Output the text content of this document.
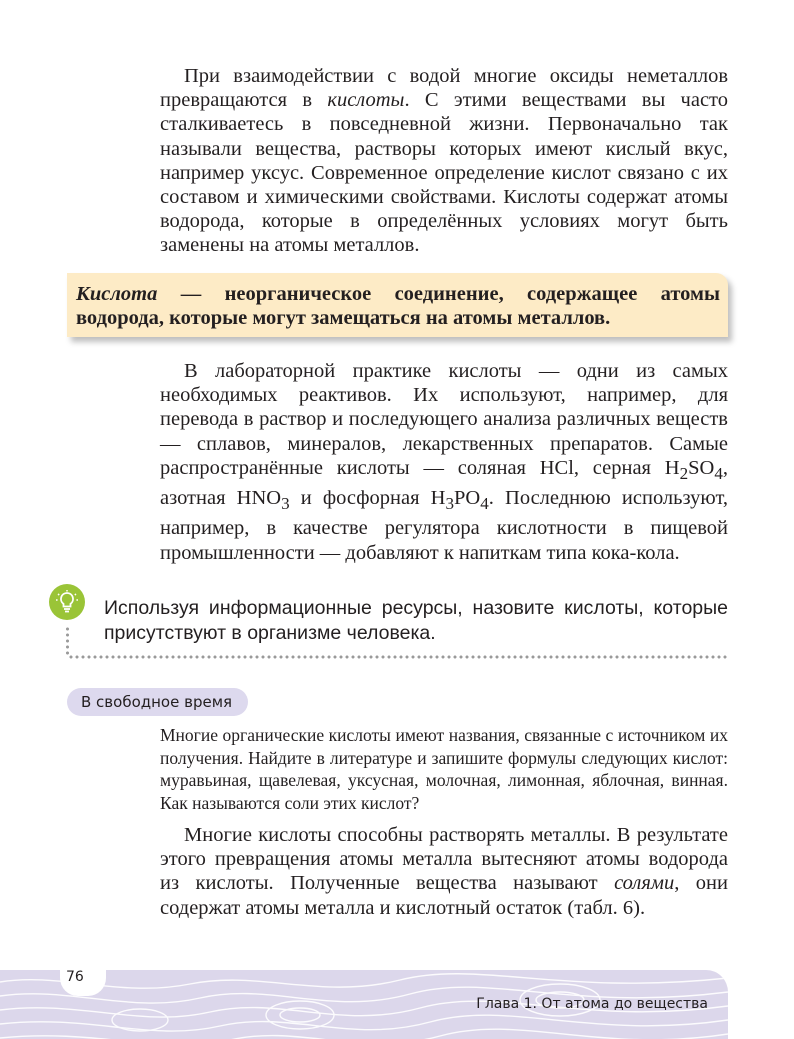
При взаимодействии с водой многие оксиды неметаллов превращаются в кислоты. С этими веществами вы часто сталкиваетесь в повседневной жизни. Первоначально так называли вещества, растворы которых имеют кислый вкус, например уксус. Современное определение кислот связано с их составом и химическими свойствами. Кислоты содержат атомы водорода, которые в определённых условиях могут быть заменены на атомы металлов.
Кислота — неорганическое соединение, содержащее атомы водорода, которые могут замещаться на атомы металлов.
В лабораторной практике кислоты — одни из самых необходимых реактивов. Их используют, например, для перевода в раствор и последующего анализа различных веществ — сплавов, минералов, лекарственных препаратов. Самые распространённые кислоты — соляная HCl, серная $H_2SO_4$, азотная $HNO_3$ и фосфорная $H_3PO_4$. Последнюю используют, например, в качестве регулятора кислотности в пищевой промышленности — добавляют к напиткам типа кока-кола.
Используя информационные ресурсы, назовите кислоты, которые присутствуют в организме человека.
В свободное время
Многие органические кислоты имеют названия, связанные с источником их получения. Найдите в литературе и запишите формулы следующих кислот: муравьиная, щавелевая, уксусная, молочная, лимонная, яблочная, винная. Как называются соли этих кислот?
Многие кислоты способны растворять металлы. В результате этого превращения атомы металла вытесняют атомы водорода из кислоты. Полученные вещества называют солями, они содержат атомы металла и кислотный остаток (табл. 6).
76
Глава 1. От атома до вещества
